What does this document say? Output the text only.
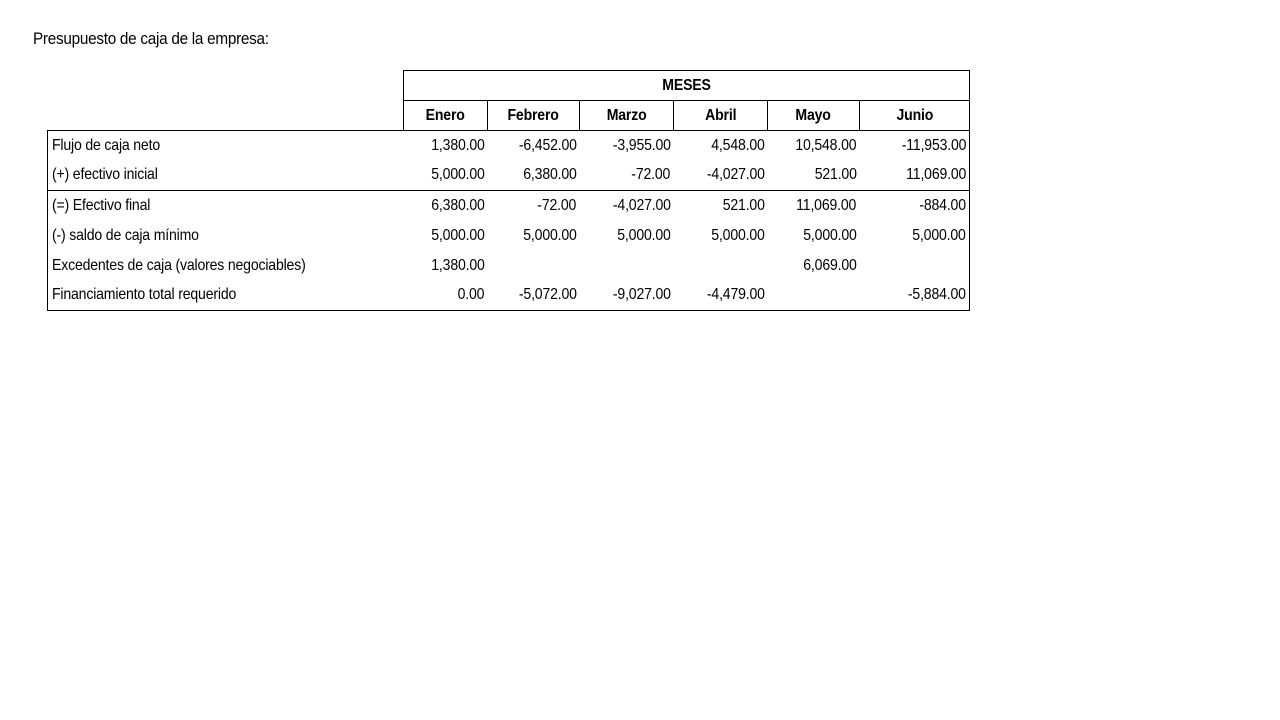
Presupuesto de caja de la empresa:
	MESES					
	Enero	Febrero	Marzo	Abril	Mayo	Junio
Flujo de caja neto	1,380.00	-6,452.00	-3,955.00	4,548.00	10,548.00	-11,953.00
(+) efectivo inicial	5,000.00	6,380.00	-72.00	-4,027.00	521.00	11,069.00
(=) Efectivo final	6,380.00	-72.00	-4,027.00	521.00	11,069.00	-884.00
(-) saldo de caja mínimo	5,000.00	5,000.00	5,000.00	5,000.00	5,000.00	5,000.00
Excedentes de caja (valores negociables)	1,380.00				6,069.00	
Financiamiento total requerido	0.00	-5,072.00	-9,027.00	-4,479.00		-5,884.00
